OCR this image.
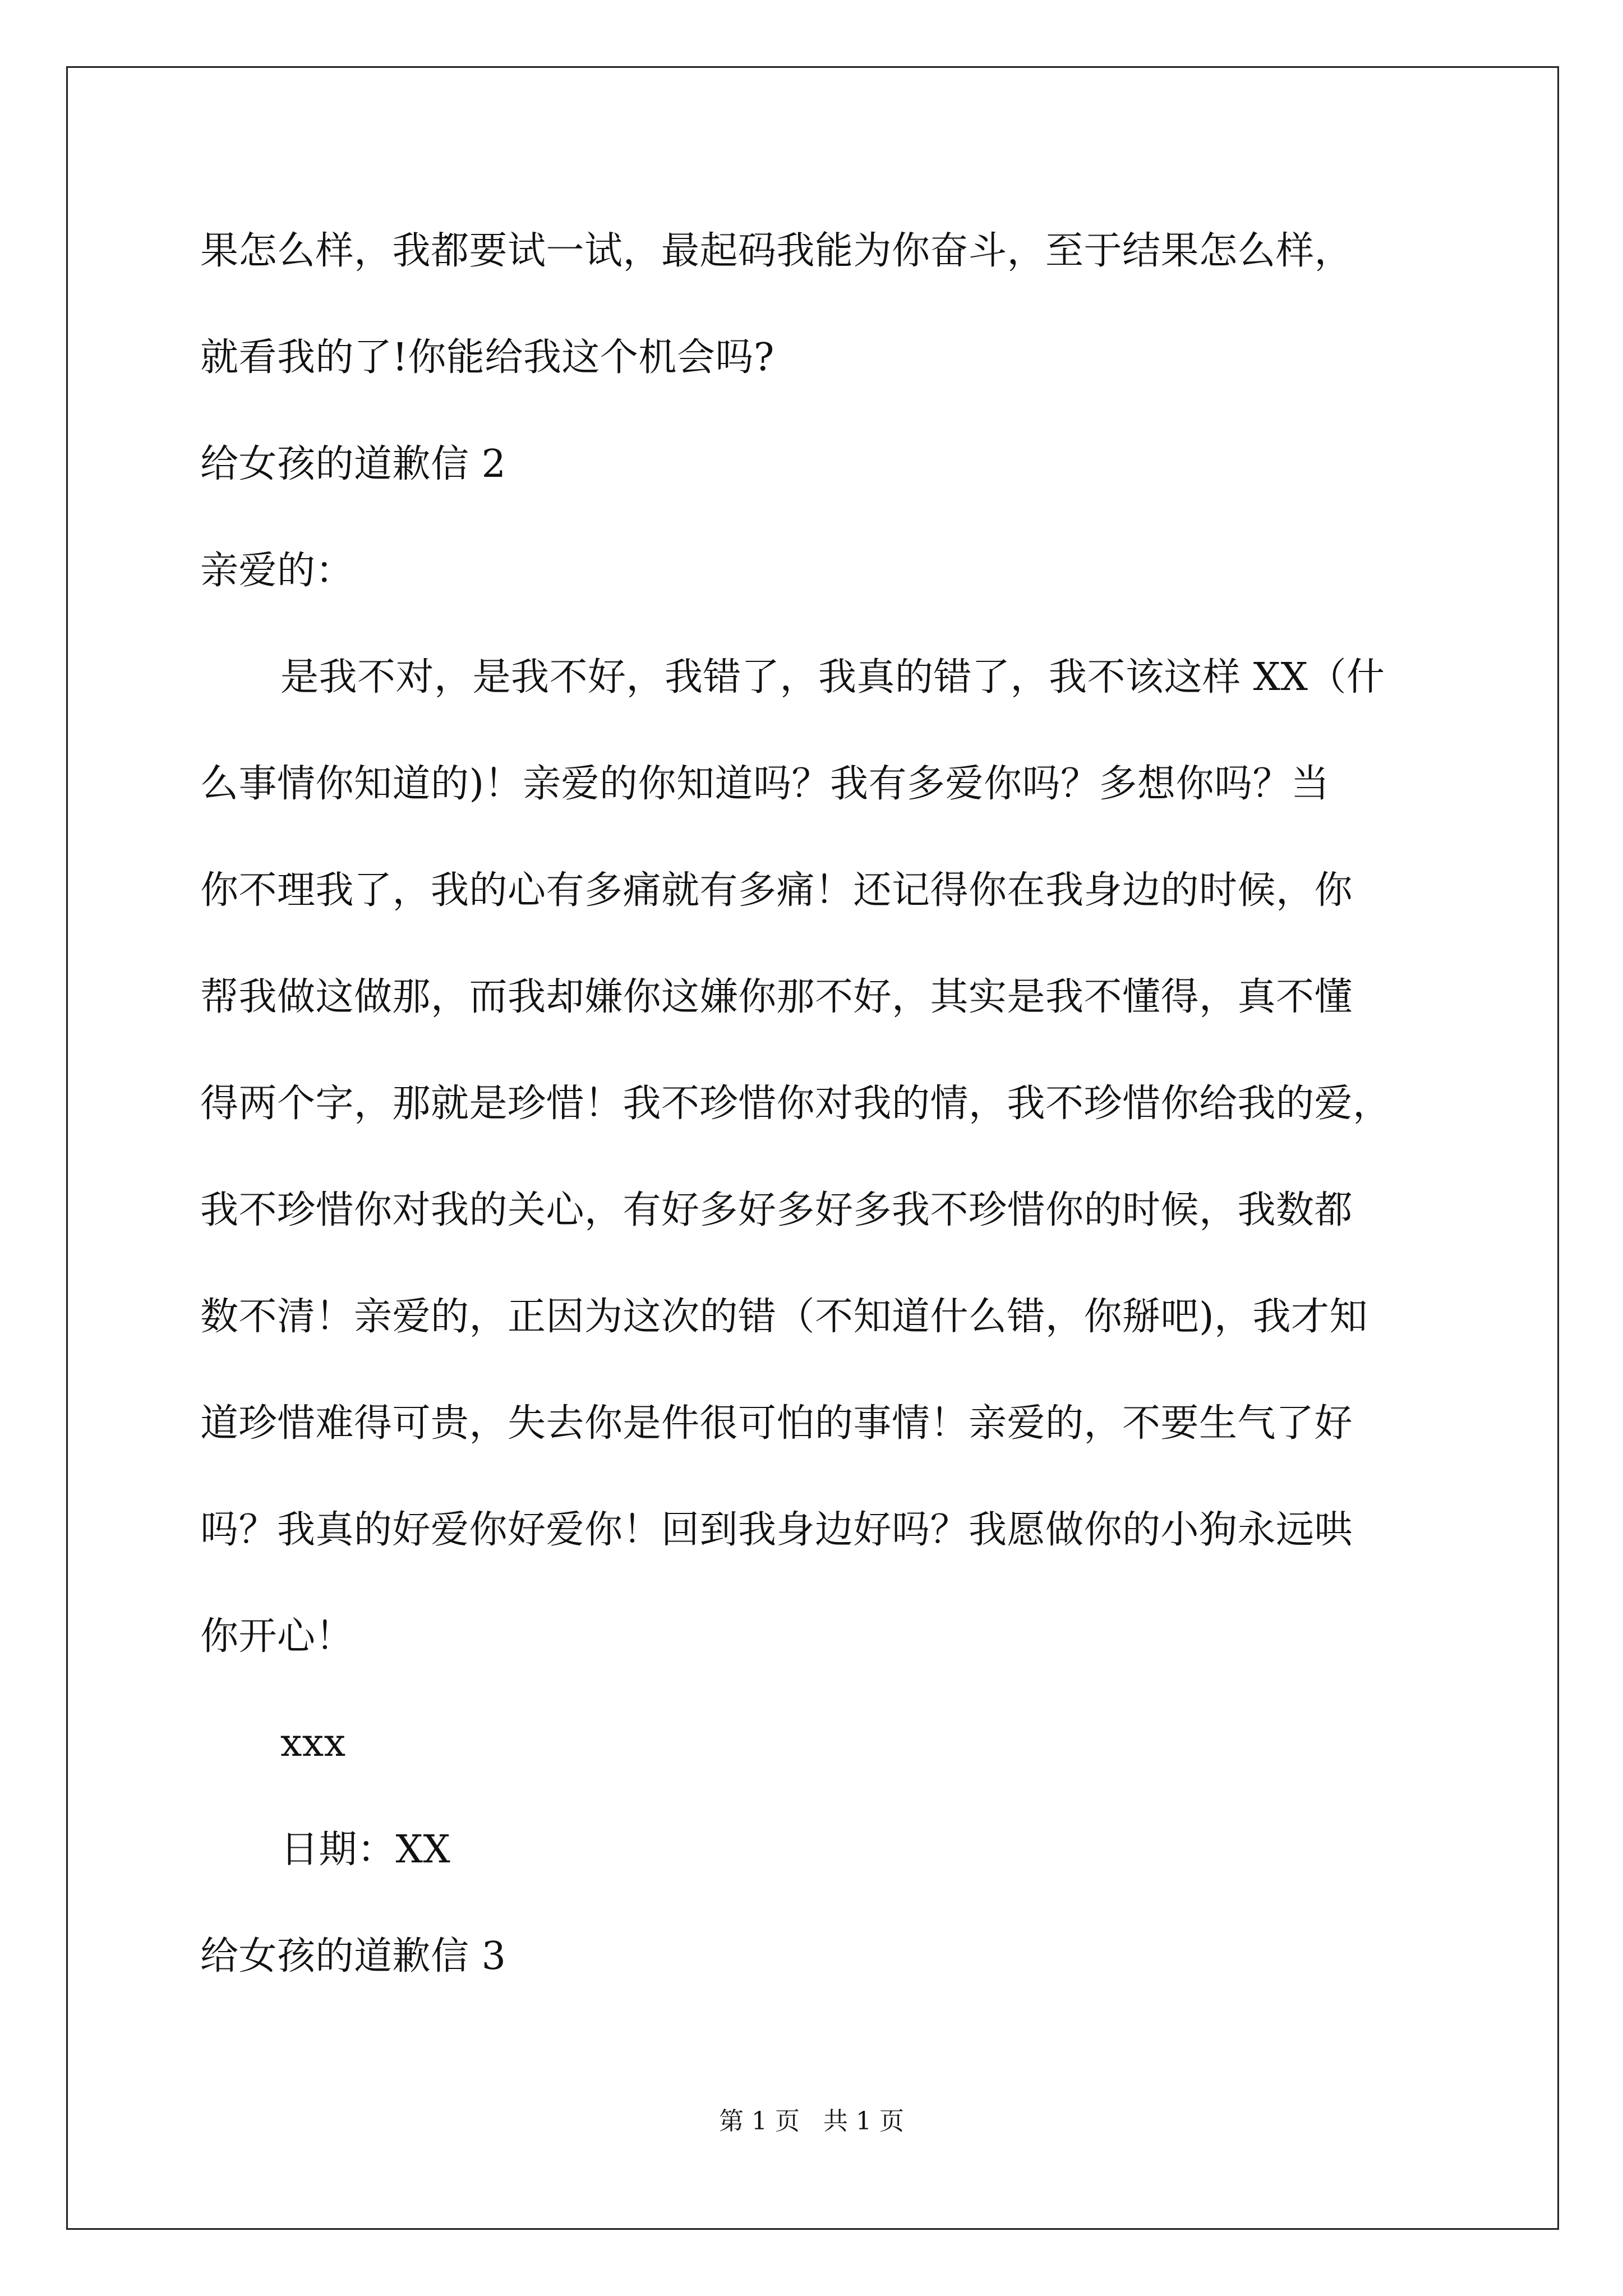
果怎么样，我都要试一试，最起码我能为你奋斗，至于结果怎么样，
就看我的了!你能给我这个机会吗?
给女孩的道歉信 2
亲爱的：
是我不对，是我不好，我错了，我真的错了，我不该这样 XX（什
么事情你知道的)！亲爱的你知道吗？我有多爱你吗？多想你吗？当
你不理我了，我的心有多痛就有多痛！还记得你在我身边的时候，你
帮我做这做那，而我却嫌你这嫌你那不好，其实是我不懂得，真不懂
得两个字，那就是珍惜！我不珍惜你对我的情，我不珍惜你给我的爱，
我不珍惜你对我的关心，有好多好多好多我不珍惜你的时候，我数都
数不清！亲爱的，正因为这次的错（不知道什么错，你掰吧)，我才知
道珍惜难得可贵，失去你是件很可怕的事情！亲爱的，不要生气了好
吗？我真的好爱你好爱你！回到我身边好吗？我愿做你的小狗永远哄
你开心！
xxx
日期：XX
给女孩的道歉信 3
第 1 页   共 1 页
